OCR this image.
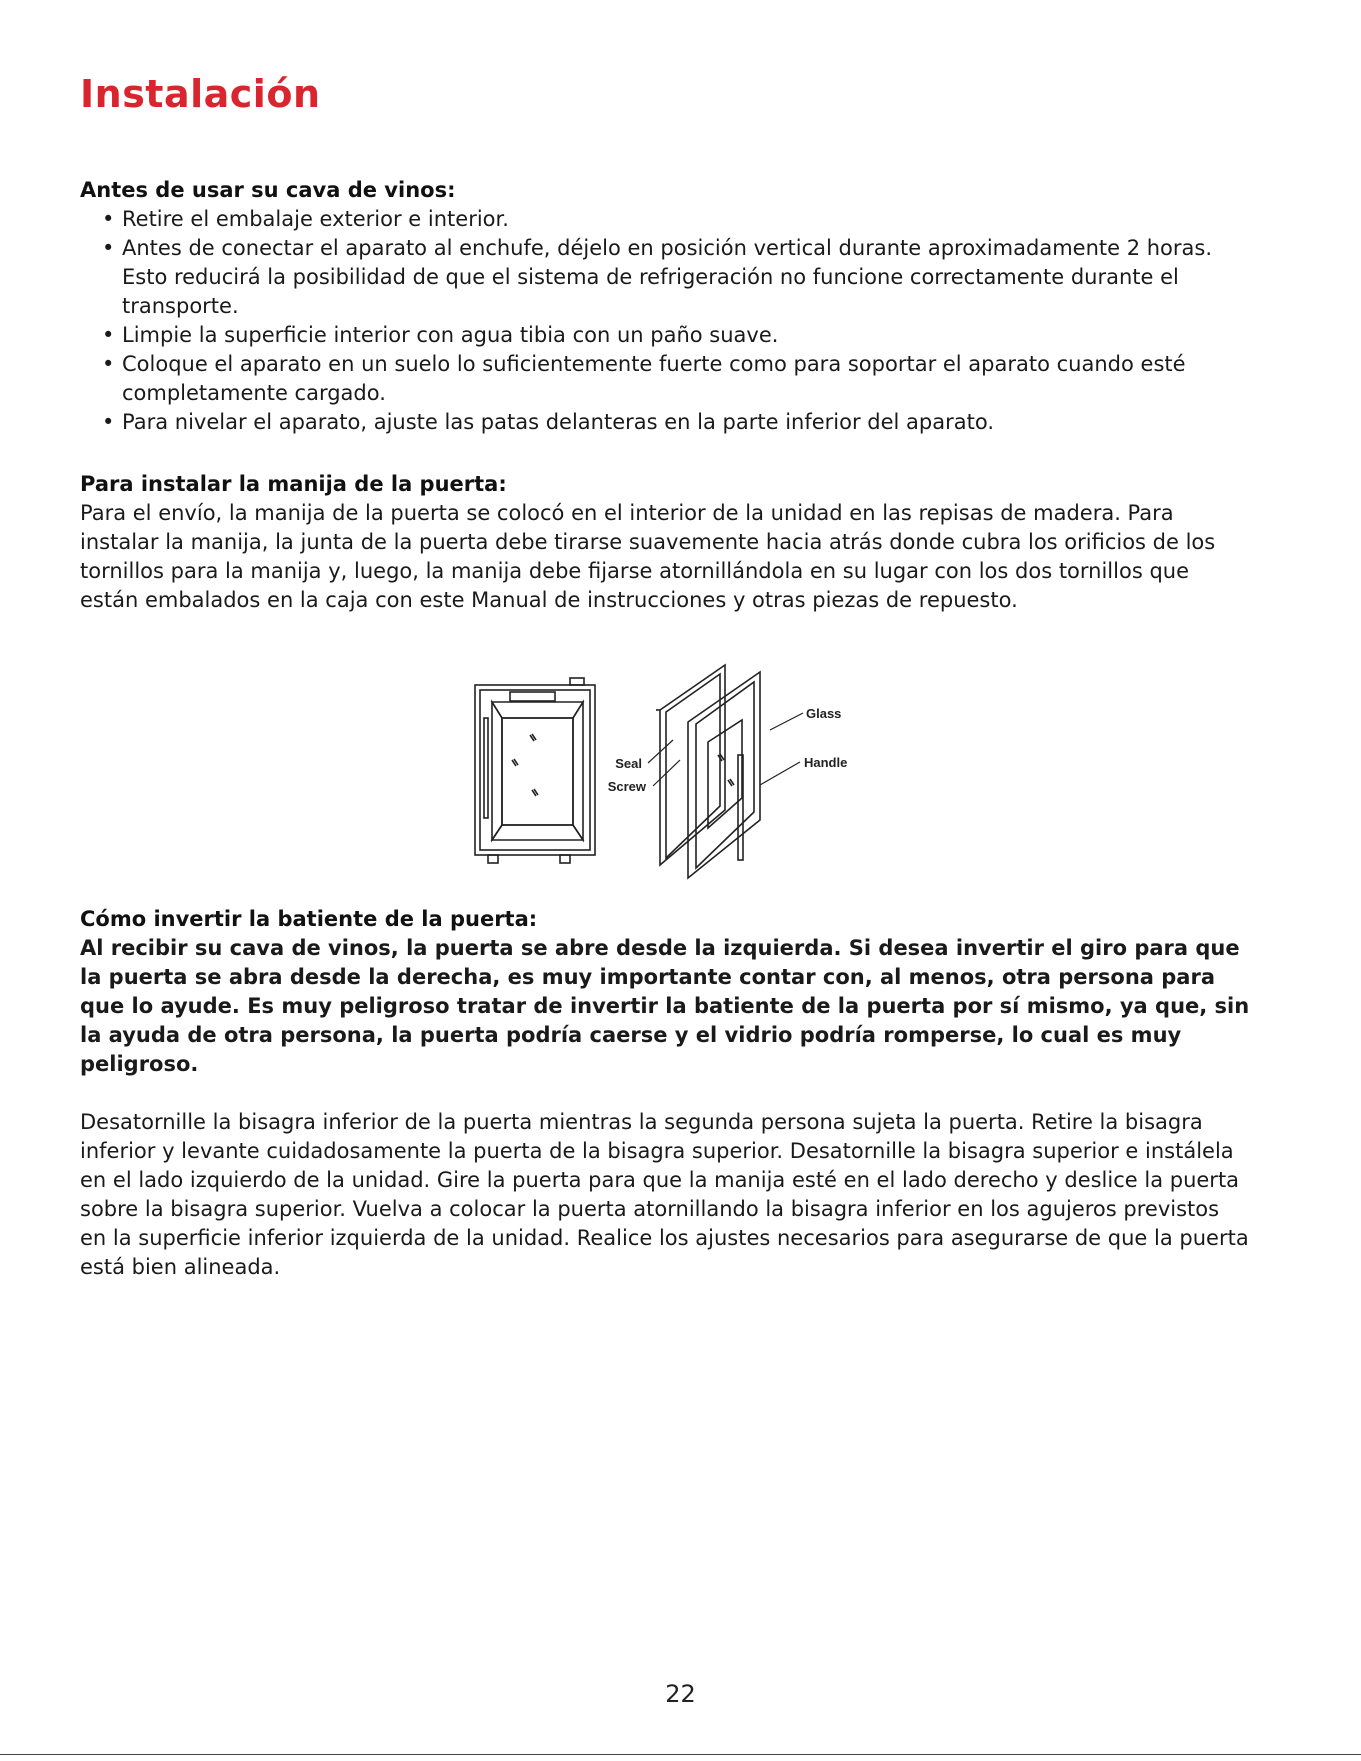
Instalación
Antes de usar su cava de vinos:
• Retire el embalaje exterior e interior.
• Antes de conectar el aparato al enchufe, déjelo en posición vertical durante aproximadamente 2 horas. Esto reducirá la posibilidad de que el sistema de refrigeración no funcione correctamente durante el transporte.
• Limpie la superficie interior con agua tibia con un paño suave.
• Coloque el aparato en un suelo lo suficientemente fuerte como para soportar el aparato cuando esté completamente cargado.
• Para nivelar el aparato, ajuste las patas delanteras en la parte inferior del aparato.
Para instalar la manija de la puerta:

Para el envío, la manija de la puerta se colocó en el interior de la unidad en las repisas de madera. Para instalar la manija, la junta de la puerta debe tirarse suavemente hacia atrás donde cubra los orificios de los tornillos para la manija y, luego, la manija debe fijarse atornillándola en su lugar con los dos tornillos que están embalados en la caja con este Manual de instrucciones y otras piezas de repuesto.

Seal
Screw
Glass
Handle
Cómo invertir la batiente de la puerta:

Al recibir su cava de vinos, la puerta se abre desde la izquierda. Si desea invertir el giro para que la puerta se abra desde la derecha, es muy importante contar con, al menos, otra persona para que lo ayude. Es muy peligroso tratar de invertir la batiente de la puerta por sí mismo, ya que, sin la ayuda de otra persona, la puerta podría caerse y el vidrio podría romperse, lo cual es muy peligroso.

Desatornille la bisagra inferior de la puerta mientras la segunda persona sujeta la puerta. Retire la bisagra inferior y levante cuidadosamente la puerta de la bisagra superior. Desatornille la bisagra superior e instálela en el lado izquierdo de la unidad. Gire la puerta para que la manija esté en el lado derecho y deslice la puerta sobre la bisagra superior. Vuelva a colocar la puerta atornillando la bisagra inferior en los agujeros previstos en la superficie inferior izquierda de la unidad. Realice los ajustes necesarios para asegurarse de que la puerta está bien alineada.

22
